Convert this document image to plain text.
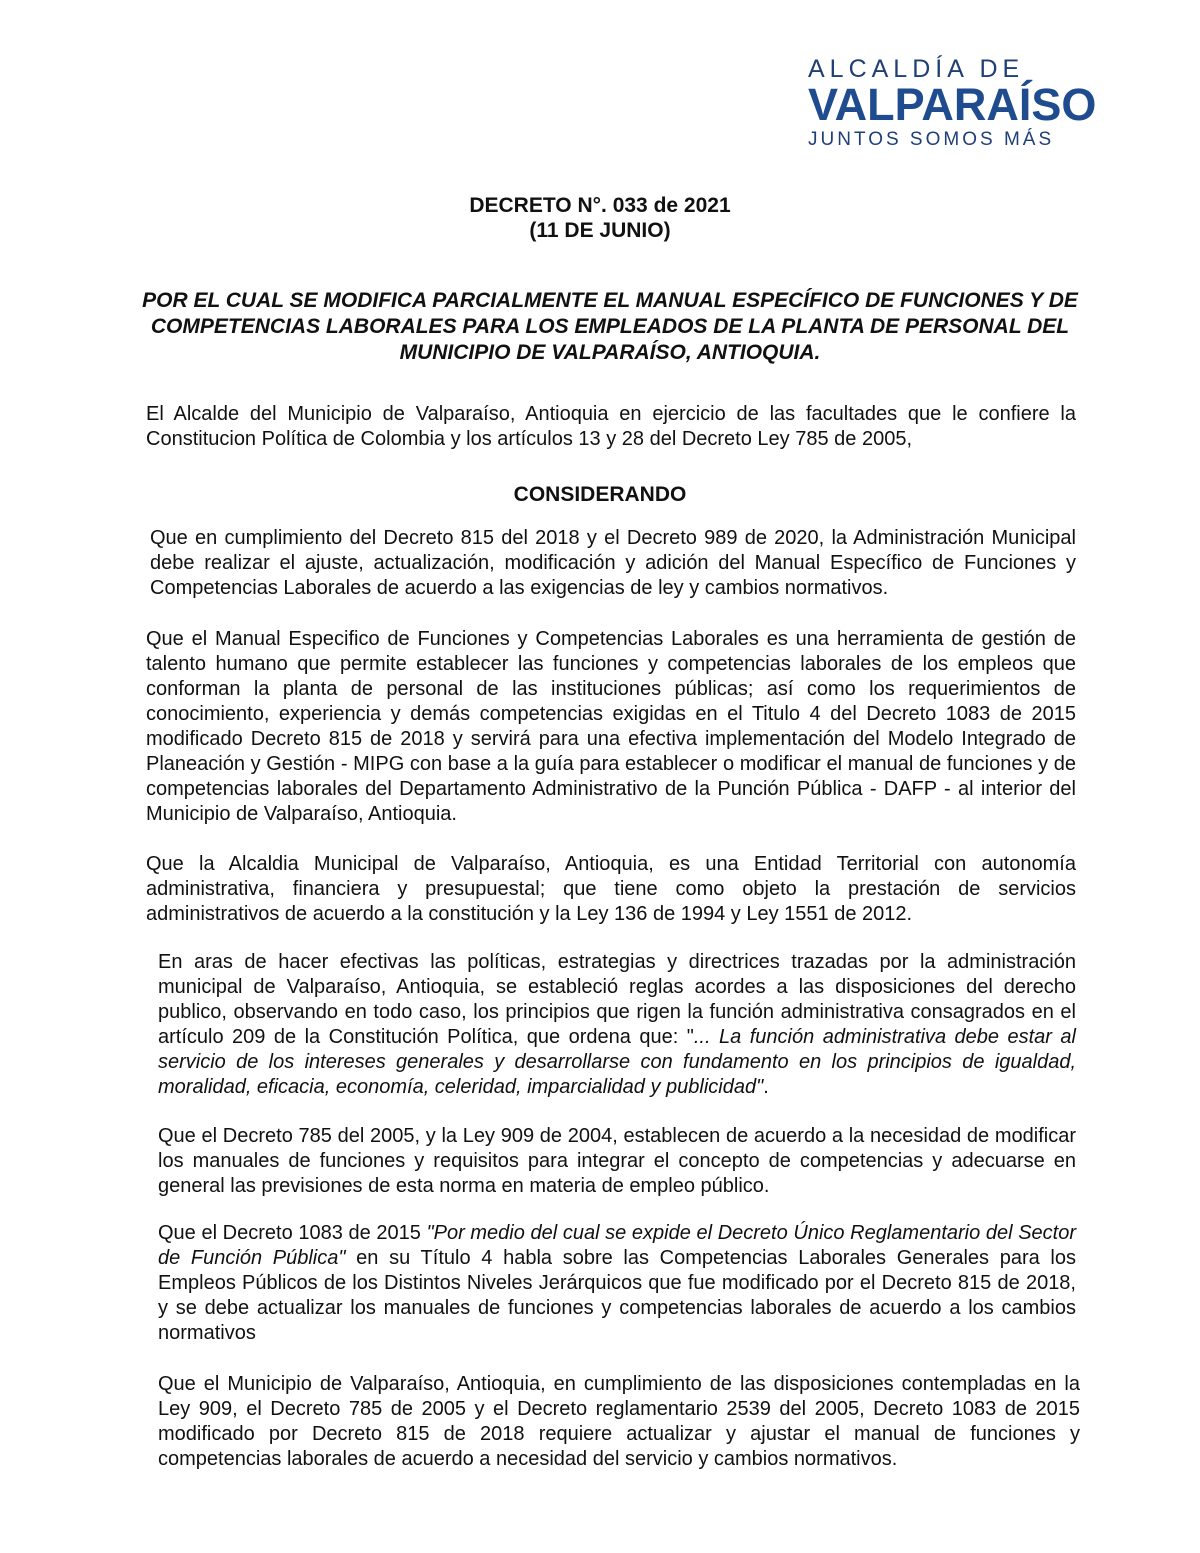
ALCALDÍA DE
VALPARAÍSO
JUNTOS SOMOS MÁS
DECRETO N°. 033 de 2021
(11 DE JUNIO)
POR EL CUAL SE MODIFICA PARCIALMENTE EL MANUAL ESPECÍFICO DE FUNCIONES Y DE COMPETENCIAS LABORALES PARA LOS EMPLEADOS DE LA PLANTA DE PERSONAL DEL MUNICIPIO DE VALPARAÍSO, ANTIOQUIA.
El Alcalde del Municipio de Valparaíso, Antioquia en ejercicio de las facultades que le confiere la Constitucion Política de Colombia y los artículos 13 y 28 del Decreto Ley 785 de 2005,
CONSIDERANDO
Que en cumplimiento del Decreto 815 del 2018 y el Decreto 989 de 2020, la Administración Municipal debe realizar el ajuste, actualización, modificación y adición del Manual Específico de Funciones y Competencias Laborales de acuerdo a las exigencias de ley y cambios normativos.
Que el Manual Especifico de Funciones y Competencias Laborales es una herramienta de gestión de talento humano que permite establecer las funciones y competencias laborales de los empleos que conforman la planta de personal de las instituciones públicas; así como los requerimientos de conocimiento, experiencia y demás competencias exigidas en el Titulo 4 del Decreto 1083 de 2015 modificado Decreto 815 de 2018 y servirá para una efectiva implementación del Modelo Integrado de Planeación y Gestión - MIPG con base a la guía para establecer o modificar el manual de funciones y de competencias laborales del Departamento Administrativo de la Punción Pública - DAFP - al interior del Municipio de Valparaíso, Antioquia.
Que la Alcaldia Municipal de Valparaíso, Antioquia, es una Entidad Territorial con autonomía administrativa, financiera y presupuestal; que tiene como objeto la prestación de servicios administrativos de acuerdo a la constitución y la Ley 136 de 1994 y Ley 1551 de 2012.
En aras de hacer efectivas las políticas, estrategias y directrices trazadas por la administración municipal de Valparaíso, Antioquia, se estableció reglas acordes a las disposiciones del derecho publico, observando en todo caso, los principios que rigen la función administrativa consagrados en el artículo 209 de la Constitución Política, que ordena que: "... La función administrativa debe estar al servicio de los intereses generales y desarrollarse con fundamento en los principios de igualdad, moralidad, eficacia, economía, celeridad, imparcialidad y publicidad".
Que el Decreto 785 del 2005, y la Ley 909 de 2004, establecen de acuerdo a la necesidad de modificar los manuales de funciones y requisitos para integrar el concepto de competencias y adecuarse en general las previsiones de esta norma en materia de empleo público.
Que el Decreto 1083 de 2015 "Por medio del cual se expide el Decreto Único Reglamentario del Sector de Función Pública" en su Título 4 habla sobre las Competencias Laborales Generales para los Empleos Públicos de los Distintos Niveles Jerárquicos que fue modificado por el Decreto 815 de 2018, y se debe actualizar los manuales de funciones y competencias laborales de acuerdo a los cambios normativos
Que el Municipio de Valparaíso, Antioquia, en cumplimiento de las disposiciones contempladas en la Ley 909, el Decreto 785 de 2005 y el Decreto reglamentario 2539 del 2005, Decreto 1083 de 2015 modificado por Decreto 815 de 2018 requiere actualizar y ajustar el manual de funciones y competencias laborales de acuerdo a necesidad del servicio y cambios normativos.
